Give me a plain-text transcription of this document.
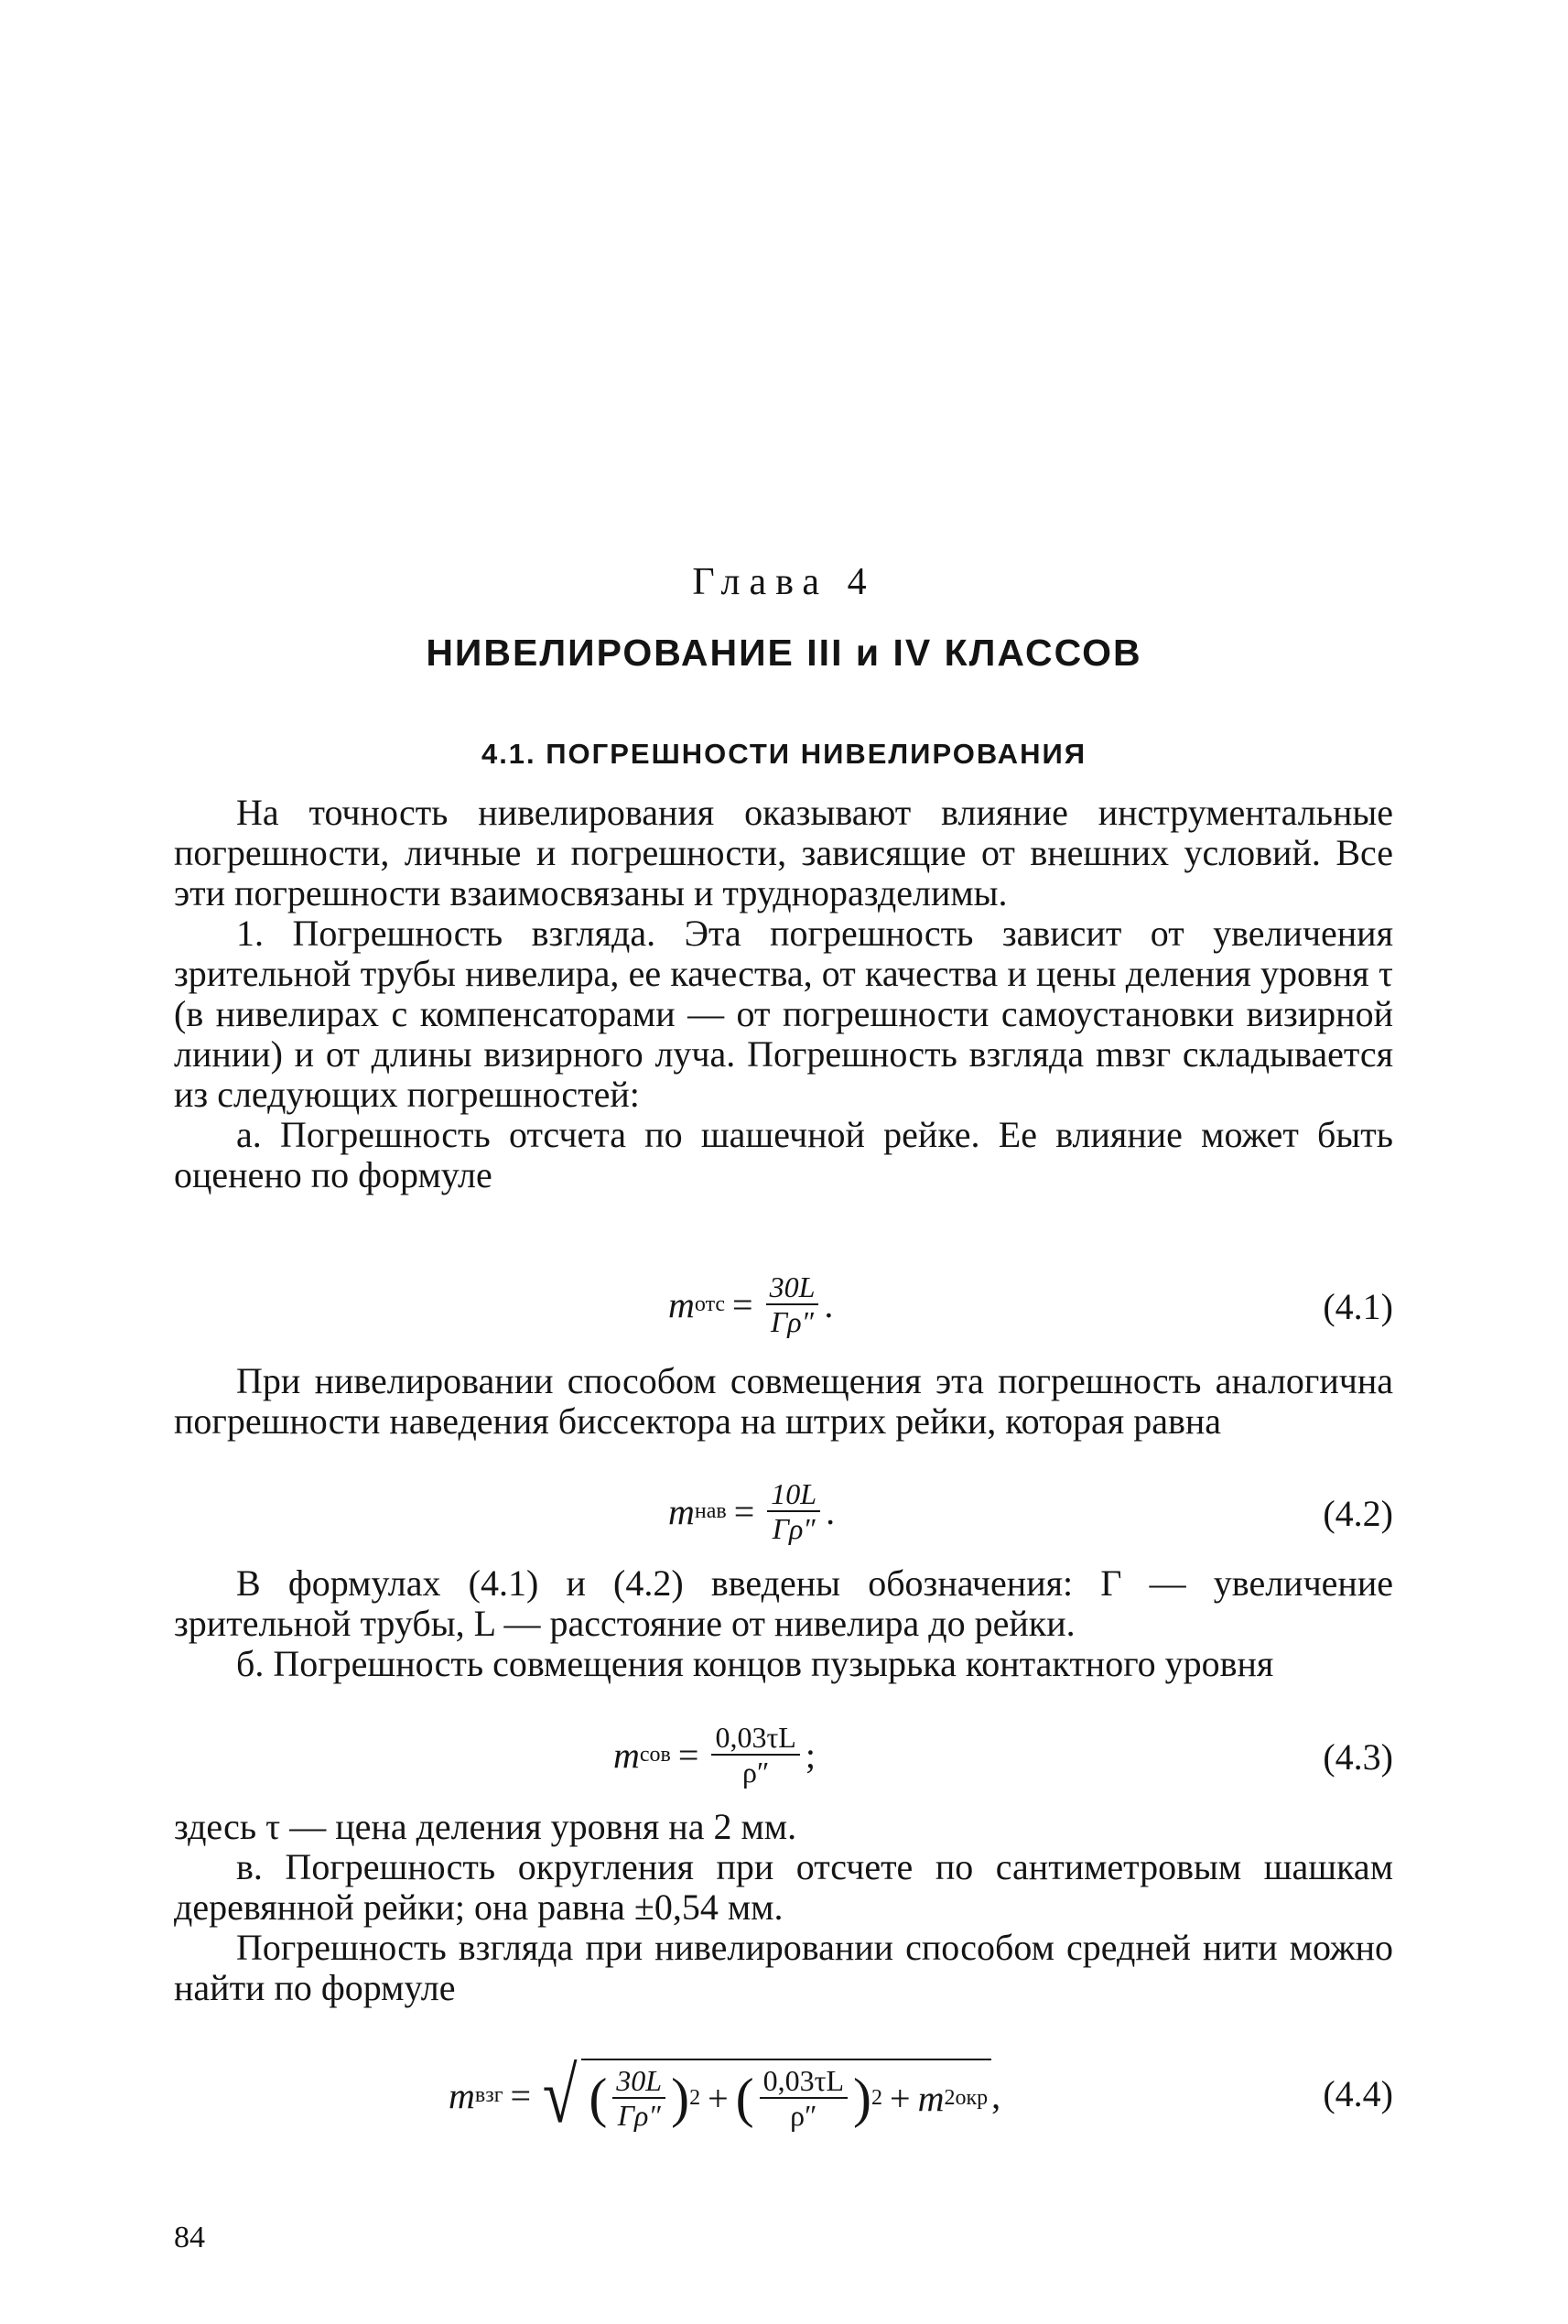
Глава 4
НИВЕЛИРОВАНИЕ III и IV КЛАССОВ
4.1. ПОГРЕШНОСТИ НИВЕЛИРОВАНИЯ

На точность нивелирования оказывают влияние инструментальные погрешности, личные и погрешности, зависящие от внешних условий. Все эти погрешности взаимосвязаны и трудноразделимы.

1. Погрешность взгляда. Эта погрешность зависит от увеличения зрительной трубы нивелира, ее качества, от качества и цены деления уровня τ (в нивелирах с компенсаторами — от погрешности самоустановки визирной линии) и от длины визирного луча. Погрешность взгляда mвзг складывается из следующих погрешностей:

а. Погрешность отсчета по шашечной рейке. Ее влияние может быть оценено по формуле

m отс = $\frac{30L}{Г\rho''}$ .	(4.1)

При нивелировании способом совмещения эта погрешность аналогична погрешности наведения биссектора на штрих рейки, которая равна

m нав = $\frac{10L}{Г\rho''}$ .	(4.2)

В формулах (4.1) и (4.2) введены обозначения: Г — увеличение зрительной трубы, L — расстояние от нивелира до рейки.

б. Погрешность совмещения концов пузырька контактного уровня

m сов = $\frac{0,03\tau L}{\rho''}$ ;	(4.3)

здесь τ — цена деления уровня на 2 мм.

в. Погрешность округления при отсчете по сантиметровым шашкам деревянной рейки; она равна ±0,54 мм.

Погрешность взгляда при нивелировании способом средней нити можно найти по формуле

m взг = √ ( $\frac{30L}{Г\rho''}$ ) 2 + ( $\frac{0,03\tau L}{\rho''}$ ) 2 + m 2 окр ,	(4.4)
84
